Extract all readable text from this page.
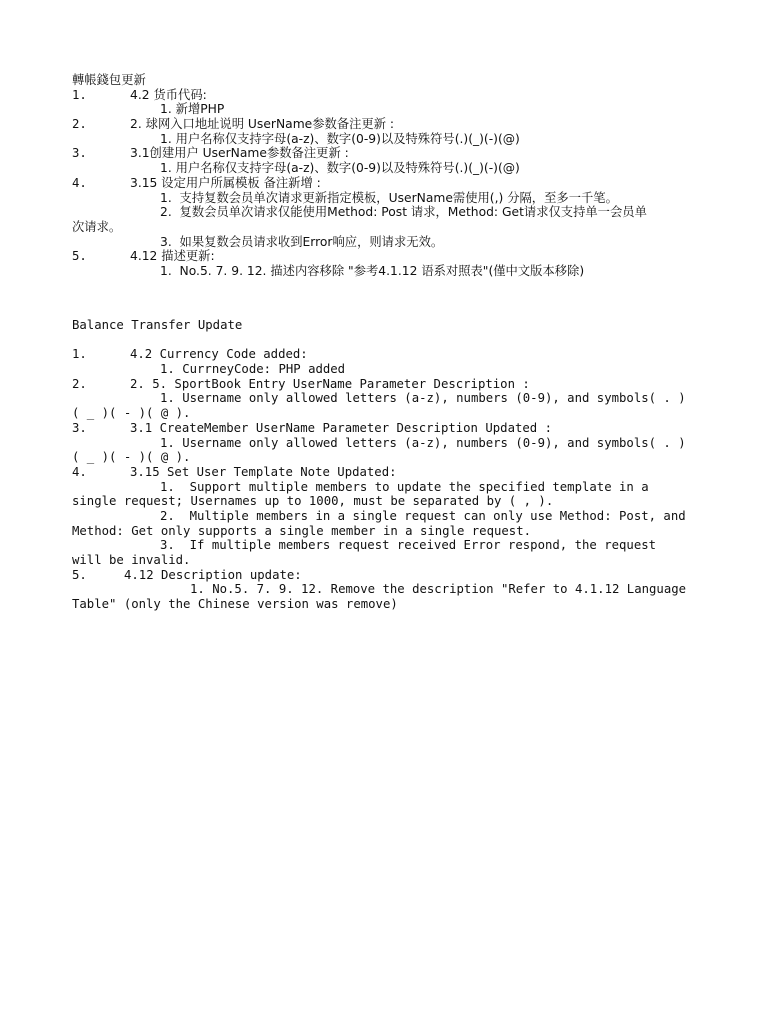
轉帳錢包更新
1.	4.2 货币代码:
1. 新增PHP
2.	2. 球网入口地址说明 UserName参数备注更新 :
1. 用户名称仅支持字母(a-z)、数字(0-9)以及特殊符号(.)(_)(-)(@)
3.	3.1创建用户 UserName参数备注更新 :
1. 用户名称仅支持字母(a-z)、数字(0-9)以及特殊符号(.)(_)(-)(@)
4.	3.15 设定用户所属模板 备注新增 :
1.  支持复数会员单次请求更新指定模板，UserName需使用(,) 分隔，至多一千笔。
2.  复数会员单次请求仅能使用Method: Post 请求，Method: Get请求仅支持单一会员单
次请求。
3.  如果复数会员请求收到Error响应，则请求无效。
5.	4.12 描述更新:
1.  No.5. 7. 9. 12. 描述内容移除 "参考4.1.12 语系对照表"(僅中文版本移除)
Balance Transfer Update
1.	4.2 Currency Code added:
1. CurrneyCode: PHP added
2.	2. 5. SportBook Entry UserName Parameter Description :
1. Username only allowed letters (a-z), numbers (0-9), and symbols( . )
( _ )( - )( @ ).
3.	3.1 CreateMember UserName Parameter Description Updated :
1. Username only allowed letters (a-z), numbers (0-9), and symbols( . )
( _ )( - )( @ ).
4.	3.15 Set User Template Note Updated:
1.  Support multiple members to update the specified template in a
single request; Usernames up to 1000, must be separated by ( , ).
2.  Multiple members in a single request can only use Method: Post, and
Method: Get only supports a single member in a single request.
3.  If multiple members request received Error respond, the request
will be invalid.
5.	4.12 Description update:
1. No.5. 7. 9. 12. Remove the description "Refer to 4.1.12 Language
Table" (only the Chinese version was remove)
